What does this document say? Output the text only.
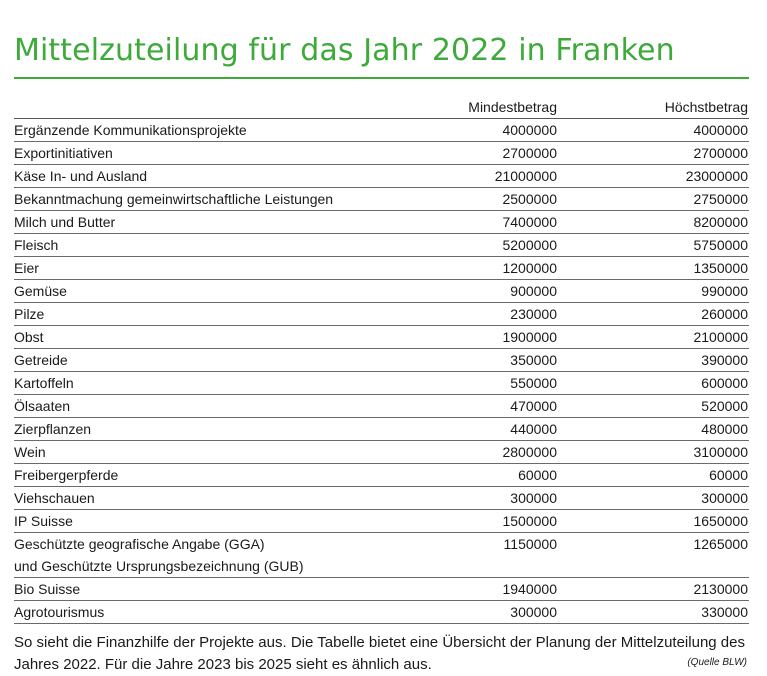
Mittelzuteilung für das Jahr 2022 in Franken
	Mindestbetrag	Höchstbetrag
Ergänzende Kommunikationsprojekte	4000000	4000000
Exportinitiativen	2700000	2700000
Käse In- und Ausland	21000000	23000000
Bekanntmachung gemeinwirtschaftliche Leistungen	2500000	2750000
Milch und Butter	7400000	8200000
Fleisch	5200000	5750000
Eier	1200000	1350000
Gemüse	900000	990000
Pilze	230000	260000
Obst	1900000	2100000
Getreide	350000	390000
Kartoffeln	550000	600000
Ölsaaten	470000	520000
Zierpflanzen	440000	480000
Wein	2800000	3100000
Freibergerpferde	60000	60000
Viehschauen	300000	300000
IP Suisse	1500000	1650000
Geschützte geografische Angabe (GGA)
und Geschützte Ursprungsbezeichnung (GUB)	1150000	1265000
Bio Suisse	1940000	2130000
Agrotourismus	300000	330000
So sieht die Finanzhilfe der Projekte aus. Die Tabelle bietet eine Übersicht der Planung der Mittelzuteilung des Jahres 2022. Für die Jahre 2023 bis 2025 sieht es ähnlich aus.	(Quelle BLW)
